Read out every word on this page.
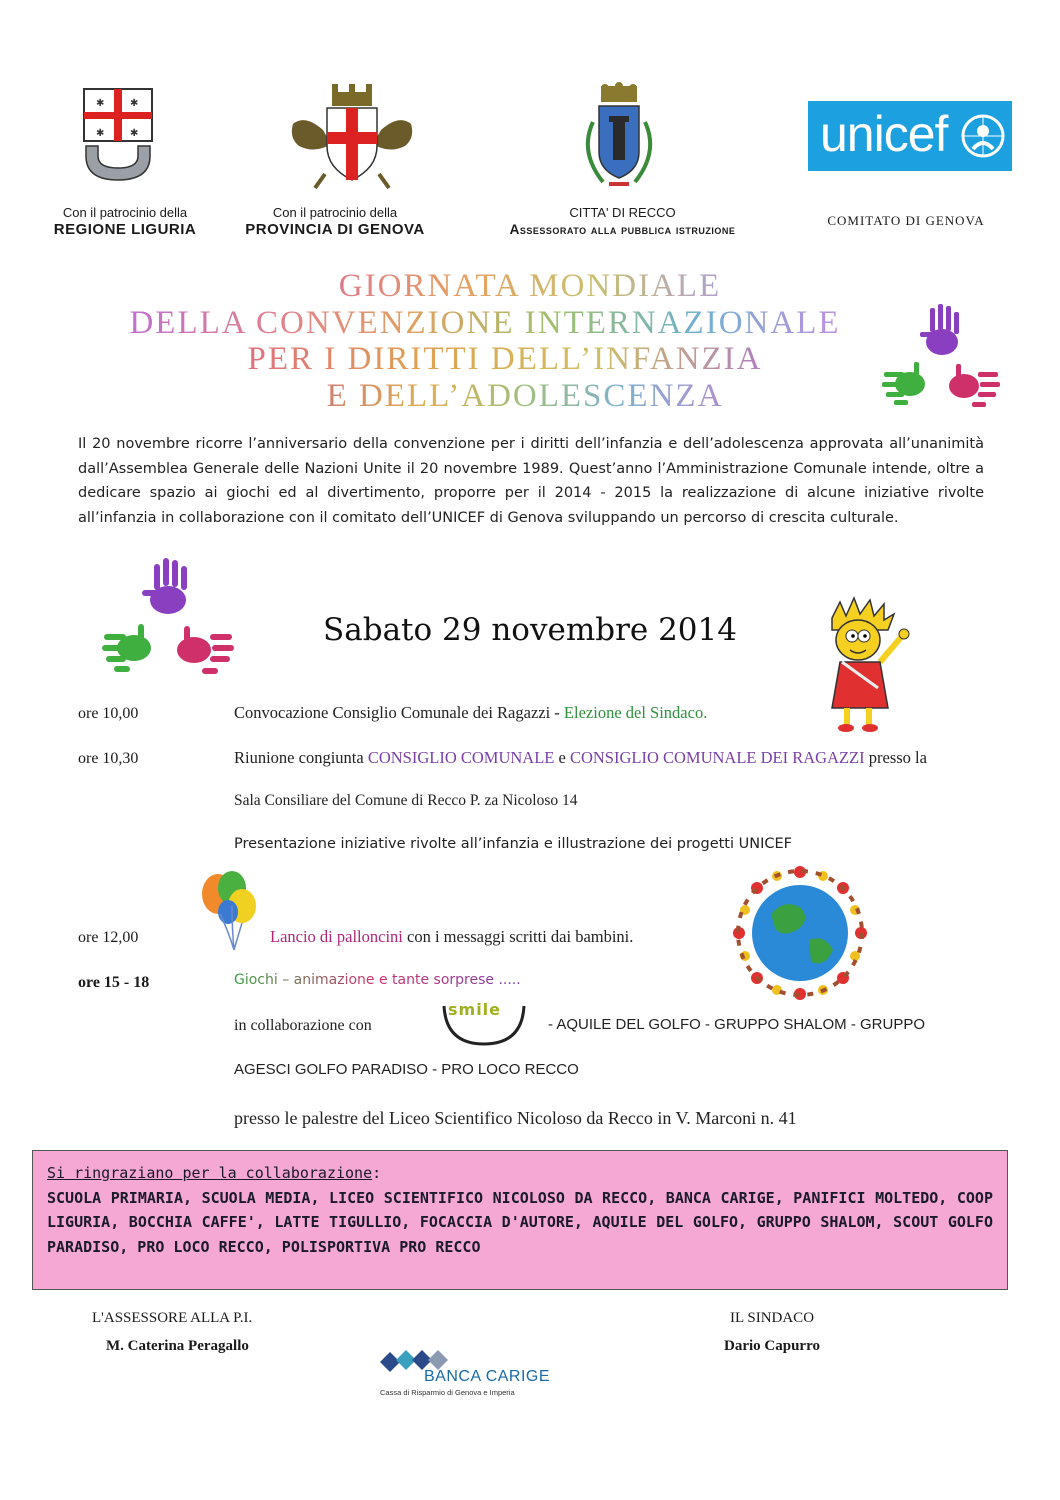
✱	✱
✱	✱
Con il patrocinio della
REGIONE LIGURIA
Con il patrocinio della
PROVINCIA DI GENOVA
CITTA' DI RECCO
Assessorato alla pubblica istruzione
unicef
COMITATO DI GENOVA
GIORNATA MONDIALE
DELLA CONVENZIONE INTERNAZIONALE
PER I DIRITTI DELL’INFANZIA
E DELL’ADOLESCENZA
Il 20 novembre ricorre l’anniversario della convenzione per i diritti dell’infanzia e dell’adolescenza approvata all’unanimità dall’Assemblea Generale delle Nazioni Unite il 20 novembre 1989. Quest’anno l’Amministrazione Comunale intende, oltre a dedicare spazio ai giochi ed al divertimento, proporre per il 2014 - 2015 la realizzazione di alcune iniziative rivolte all’infanzia in collaborazione con il comitato dell’UNICEF di Genova sviluppando un percorso di crescita culturale.
Sabato 29 novembre 2014
ore 10,00	Convocazione Consiglio Comunale dei Ragazzi - Elezione del Sindaco.
ore 10,30	Riunione congiunta CONSIGLIO COMUNALE e CONSIGLIO COMUNALE DEI RAGAZZI presso la
Sala Consiliare del Comune di Recco P. za Nicoloso 14
Presentazione iniziative rivolte all’infanzia e illustrazione dei progetti UNICEF
ore 12,00	Lancio di palloncini con i messaggi scritti dai bambini.
ore 15 - 18	Giochi – animazione e tante sorprese .....
smile
in collaborazione con	- AQUILE DEL GOLFO - GRUPPO SHALOM - GRUPPO
AGESCI GOLFO PARADISO - PRO LOCO RECCO
presso le palestre del Liceo Scientifico Nicoloso da Recco in V. Marconi n. 41
Si ringraziano per la collaborazione:
SCUOLA PRIMARIA, SCUOLA MEDIA, LICEO SCIENTIFICO NICOLOSO DA RECCO, BANCA CARIGE, PANIFICI MOLTEDO, COOP LIGURIA, BOCCHIA CAFFE', LATTE TIGULLIO, FOCACCIA D'AUTORE, AQUILE DEL GOLFO, GRUPPO SHALOM, SCOUT GOLFO PARADISO, PRO LOCO RECCO, POLISPORTIVA PRO RECCO
L'ASSESSORE ALLA P.I.
M. Caterina Peragallo
IL SINDACO
Dario Capurro
BANCA CARIGE
Cassa di Risparmio di Genova e Imperia
